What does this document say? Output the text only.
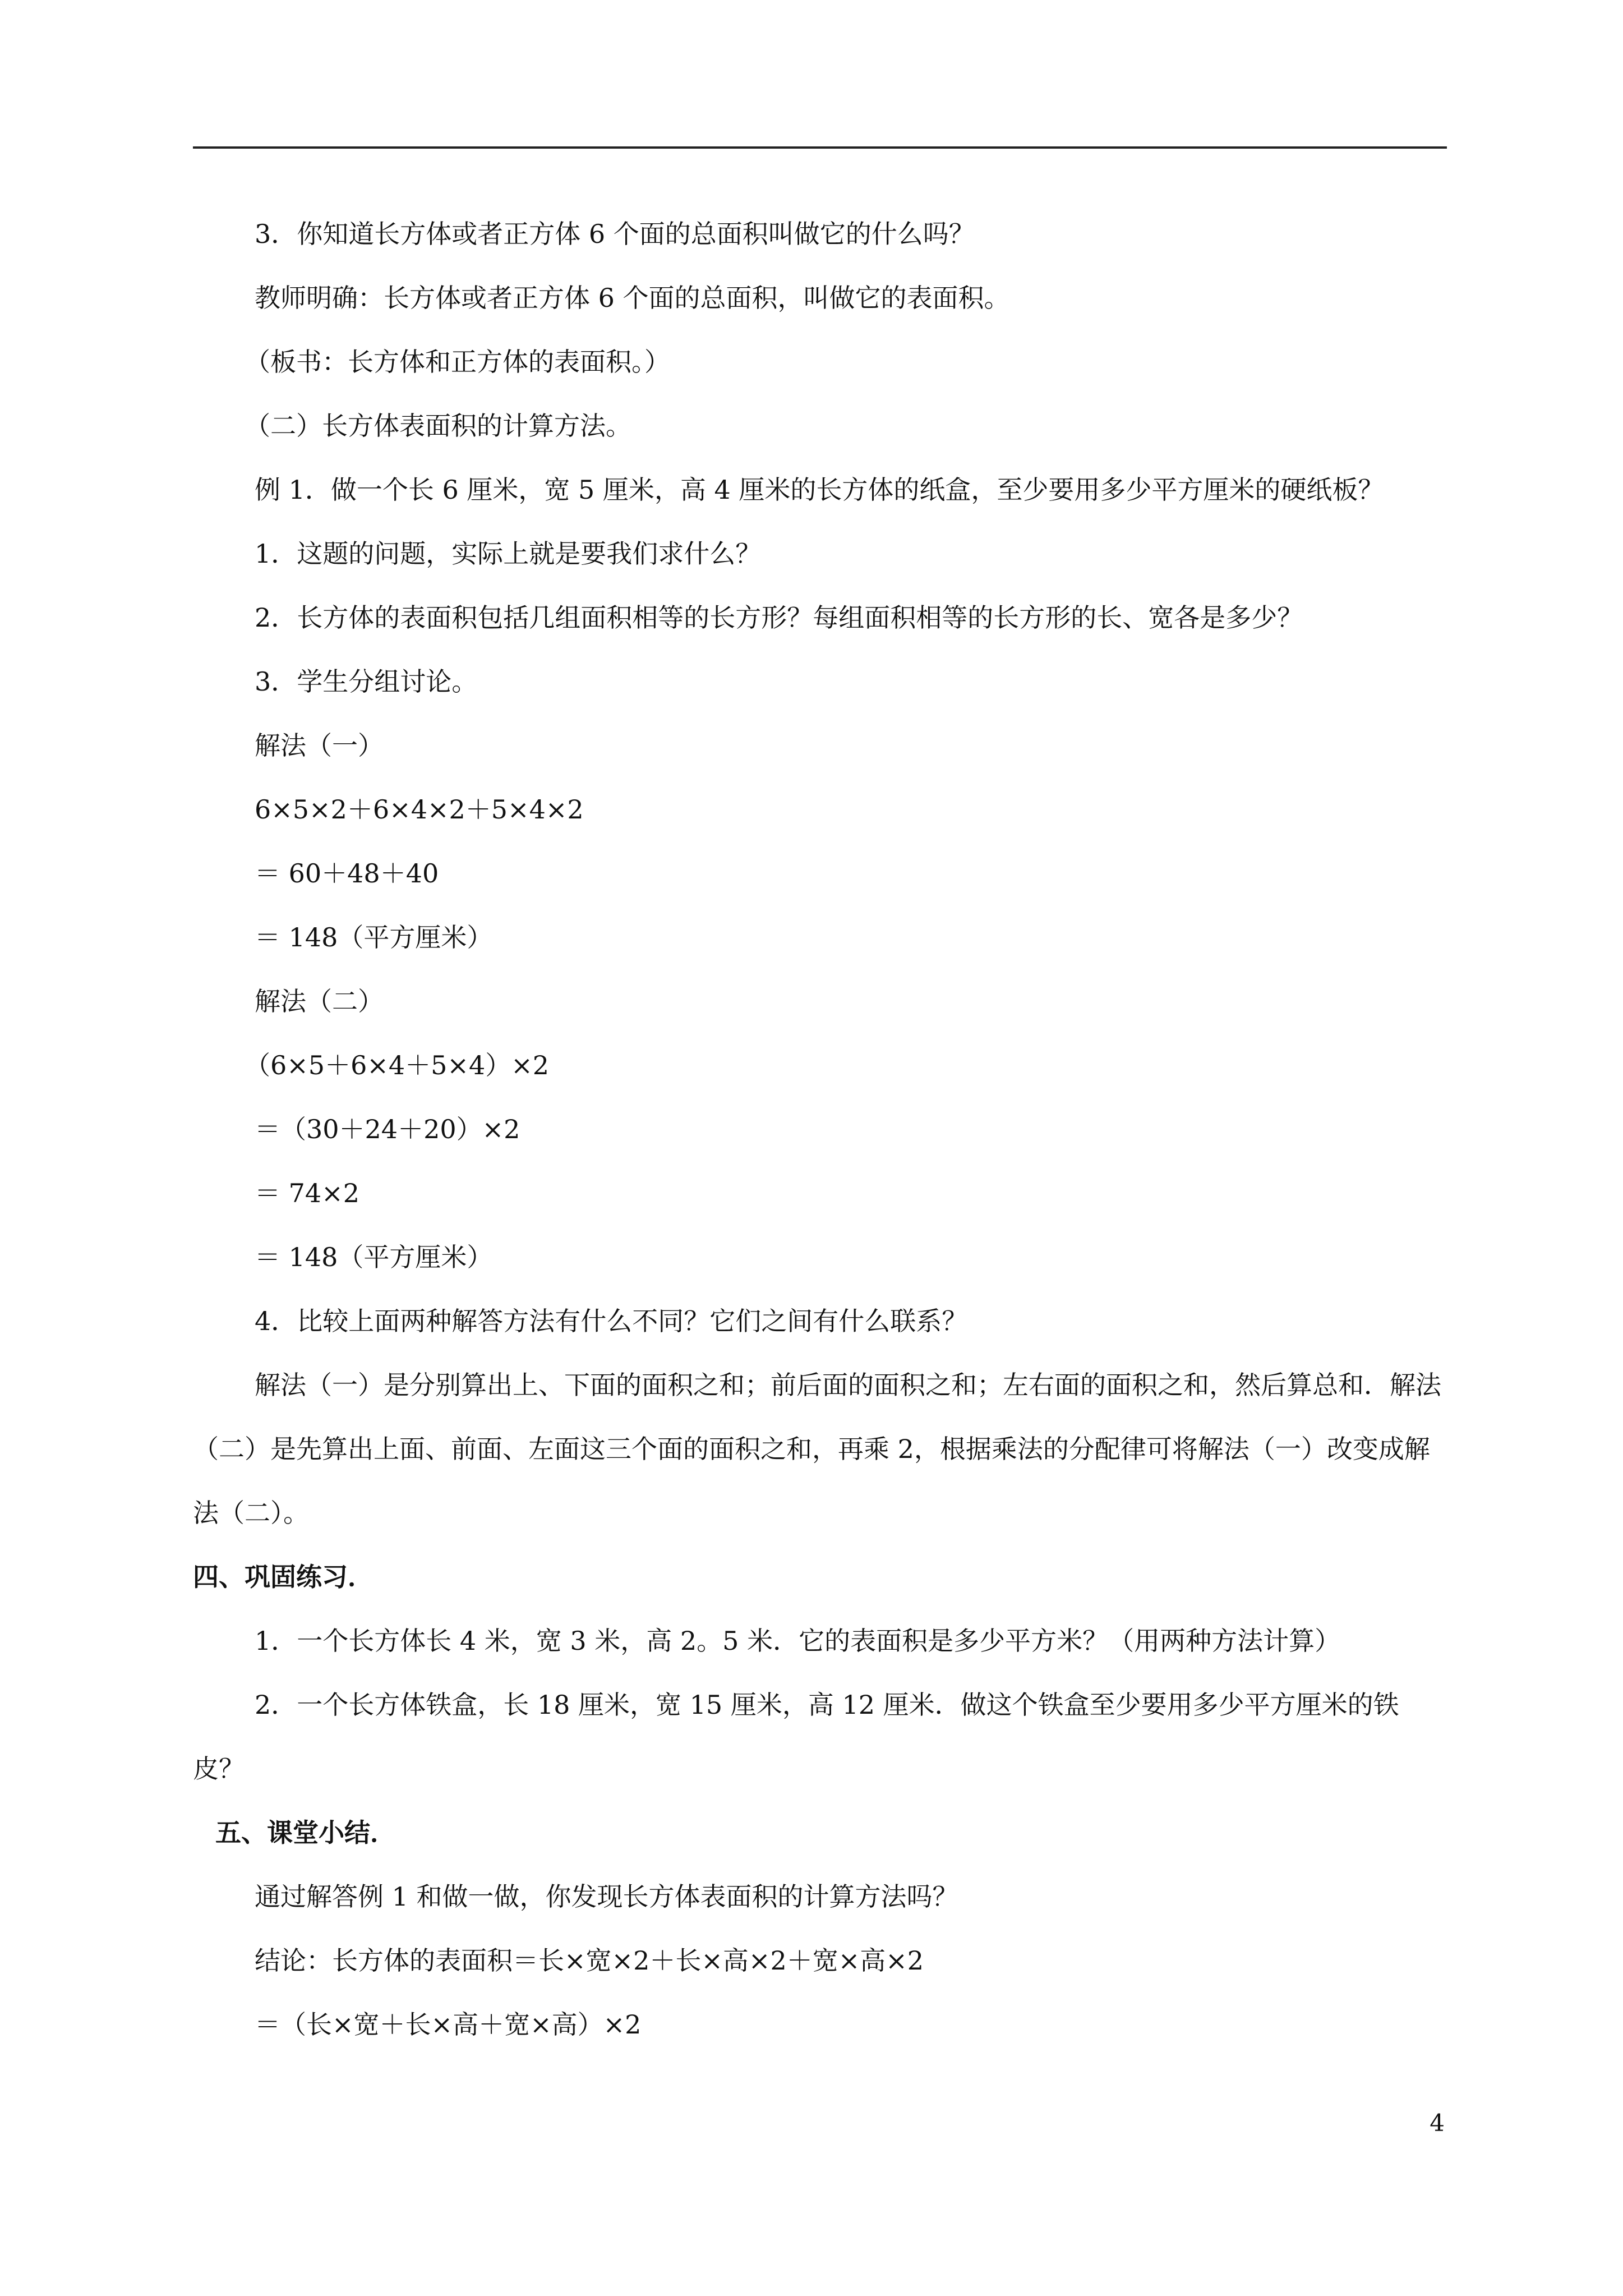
3．你知道长方体或者正方体 6 个面的总面积叫做它的什么吗？

教师明确：长方体或者正方体 6 个面的总面积，叫做它的表面积。

（板书：长方体和正方体的表面积。）

（二）长方体表面积的计算方法。

例 1．做一个长 6 厘米，宽 5 厘米，高 4 厘米的长方体的纸盒，至少要用多少平方厘米的硬纸板？

1．这题的问题，实际上就是要我们求什么？

2．长方体的表面积包括几组面积相等的长方形？每组面积相等的长方形的长、宽各是多少？

3．学生分组讨论。

解法（一）

6×5×2＋6×4×2＋5×4×2

＝ 60＋48＋40

＝ 148（平方厘米）

解法（二）

（6×5＋6×4＋5×4）×2

＝（30＋24＋20）×2

＝ 74×2

＝ 148（平方厘米）

4．比较上面两种解答方法有什么不同？它们之间有什么联系？

解法（一）是分别算出上、下面的面积之和；前后面的面积之和；左右面的面积之和，然后算总和．解法（二）是先算出上面、前面、左面这三个面的面积之和，再乘 2，根据乘法的分配律可将解法（一）改变成解法（二）。

四、巩固练习．

1．一个长方体长 4 米，宽 3 米，高 2。5 米．它的表面积是多少平方米？（用两种方法计算）

2．一个长方体铁盒，长 18 厘米，宽 15 厘米，高 12 厘米．做这个铁盒至少要用多少平方厘米的铁皮？

五、课堂小结．

通过解答例 1 和做一做，你发现长方体表面积的计算方法吗？

结论：长方体的表面积＝长×宽×2＋长×高×2＋宽×高×2

＝（长×宽＋长×高＋宽×高）×2

4
